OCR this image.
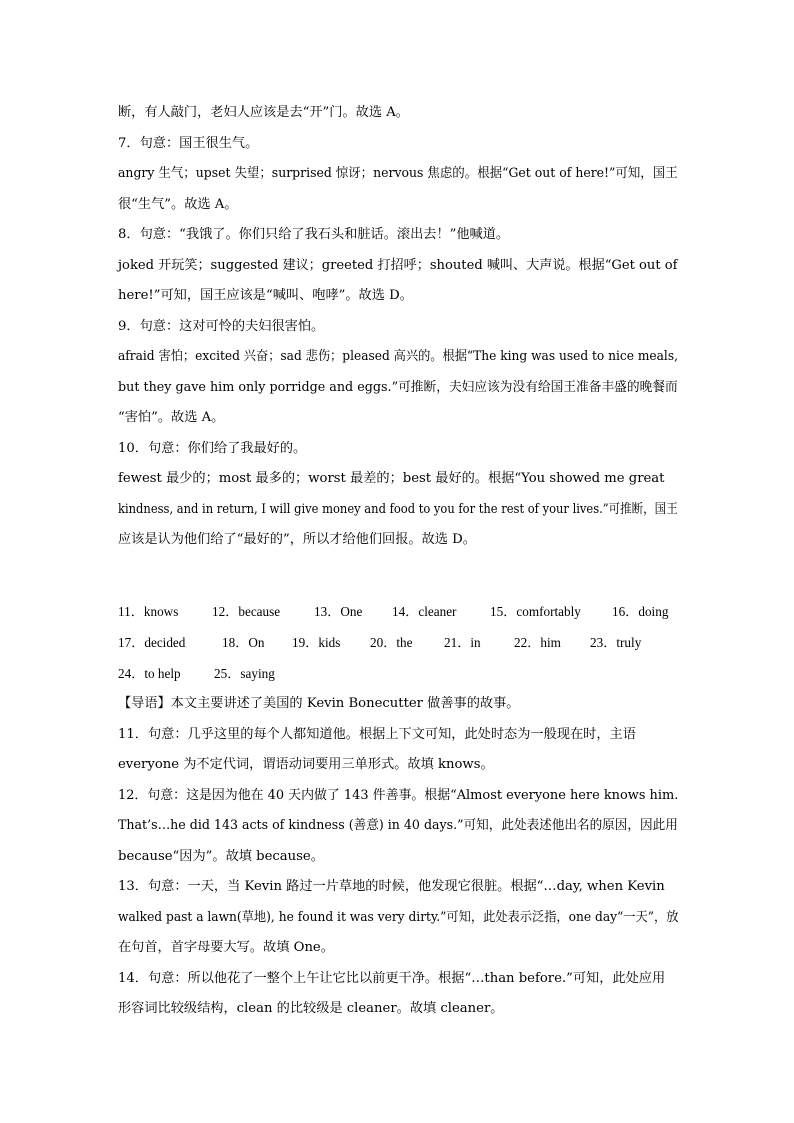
断，有人敲门，老妇人应该是去“开”门。故选 A。
7．句意：国王很生气。
angry 生气；upset 失望；surprised 惊讶；nervous 焦虑的。根据“Get out of here!”可知，国王
很“生气”。故选 A。
8．句意：“我饿了。你们只给了我石头和脏话。滚出去！”他喊道。
joked 开玩笑；suggested 建议；greeted 打招呼；shouted 喊叫、大声说。根据“Get out of
here!”可知，国王应该是“喊叫、咆哮”。故选 D。
9．句意：这对可怜的夫妇很害怕。
afraid 害怕；excited 兴奋；sad 悲伤；pleased 高兴的。根据“The king was used to nice meals,
but they gave him only porridge and eggs.”可推断，夫妇应该为没有给国王准备丰盛的晚餐而
“害怕”。故选 A。
10．句意：你们给了我最好的。
fewest 最少的；most 最多的；worst 最差的；best 最好的。根据“You showed me great
kindness, and in return, I will give money and food to you for the rest of your lives.”可推断，国王
应该是认为他们给了“最好的”，所以才给他们回报。故选 D。
11．knows	12．because	13．One 14．cleaner	15．comfortably 16．doing
17．decided	18．On 19．kids 20．the 21．in	22．him 23．truly
24．to help	25．saying
【导语】本文主要讲述了美国的 Kevin Bonecutter 做善事的故事。
11．句意：几乎这里的每个人都知道他。根据上下文可知，此处时态为一般现在时，主语
everyone 为不定代词，谓语动词要用三单形式。故填 knows。
12．句意：这是因为他在 40 天内做了 143 件善事。根据“Almost everyone here knows him.
That’s…he did 143 acts of kindness (善意) in 40 days.”可知，此处表述他出名的原因，因此用
because“因为”。故填 because。
13．句意：一天，当 Kevin 路过一片草地的时候，他发现它很脏。根据“…day, when Kevin
walked past a lawn(草地), he found it was very dirty.”可知，此处表示泛指，one day“一天”，放
在句首，首字母要大写。故填 One。
14．句意：所以他花了一整个上午让它比以前更干净。根据“…than before.”可知，此处应用
形容词比较级结构，clean 的比较级是 cleaner。故填 cleaner。
